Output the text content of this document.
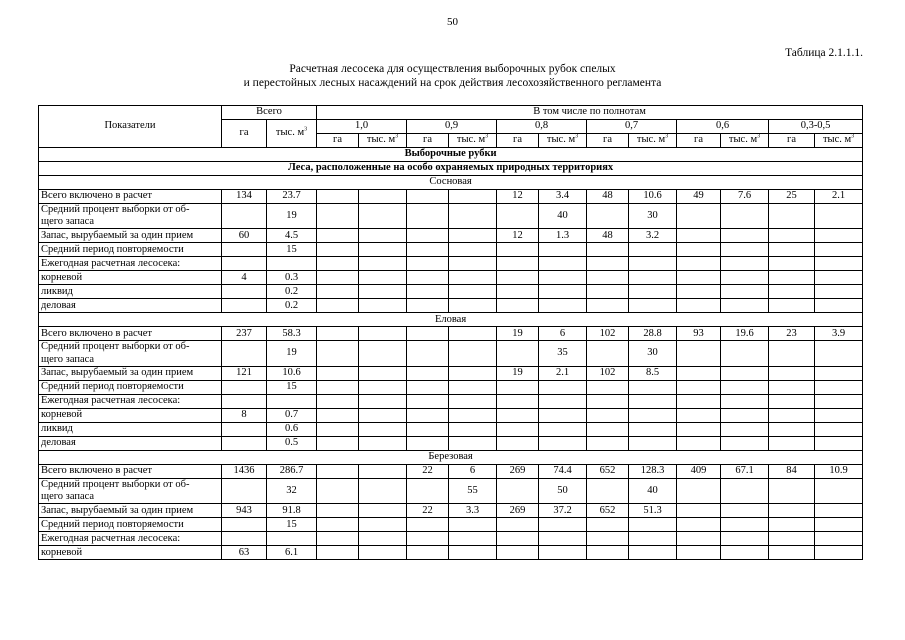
50
Таблица 2.1.1.1.
Расчетная лесосека для осуществления выборочных рубок спелых
и перестойных лесных насаждений на срок действия лесохозяйственного регламента
Показатели	Всего		В том числе по полнотам											
	га	тыс. $м^3$	1,0		0,9		0,8		0,7		0,6		0,3-0,5	
			га	тыс. $м^3$	га	тыс. $м^3$	га	тыс. $м^3$	га	тыс. $м^3$	га	тыс. $м^3$	га	тыс. $м^3$
Выборочные рубки														
Леса, расположенные на особо охраняемых природных территориях														
Сосновая														
Всего включено в расчет	134	23.7					12	3.4	48	10.6	49	7.6	25	2.1

Средний процент выборки от об-
щего запаса		19						40		30				
Запас, вырубаемый за один прием	60	4.5					12	1.3	48	3.2				
Средний период повторяемости		15												
Ежегодная расчетная лесосека:														
корневой	4	0.3												
ликвид		0.2												
деловая		0.2												
Еловая														
Всего включено в расчет	237	58.3					19	6	102	28.8	93	19.6	23	3.9

Средний процент выборки от об-
щего запаса		19						35		30				
Запас, вырубаемый за один прием	121	10.6					19	2.1	102	8.5				
Средний период повторяемости		15												
Ежегодная расчетная лесосека:														
корневой	8	0.7												
ликвид		0.6												
деловая		0.5												
Березовая														
Всего включено в расчет	1436	286.7			22	6	269	74.4	652	128.3	409	67.1	84	10.9

Средний процент выборки от об-
щего запаса		32				55		50		40				
Запас, вырубаемый за один прием	943	91.8			22	3.3	269	37.2	652	51.3				
Средний период повторяемости		15												
Ежегодная расчетная лесосека:														
корневой	63	6.1												
